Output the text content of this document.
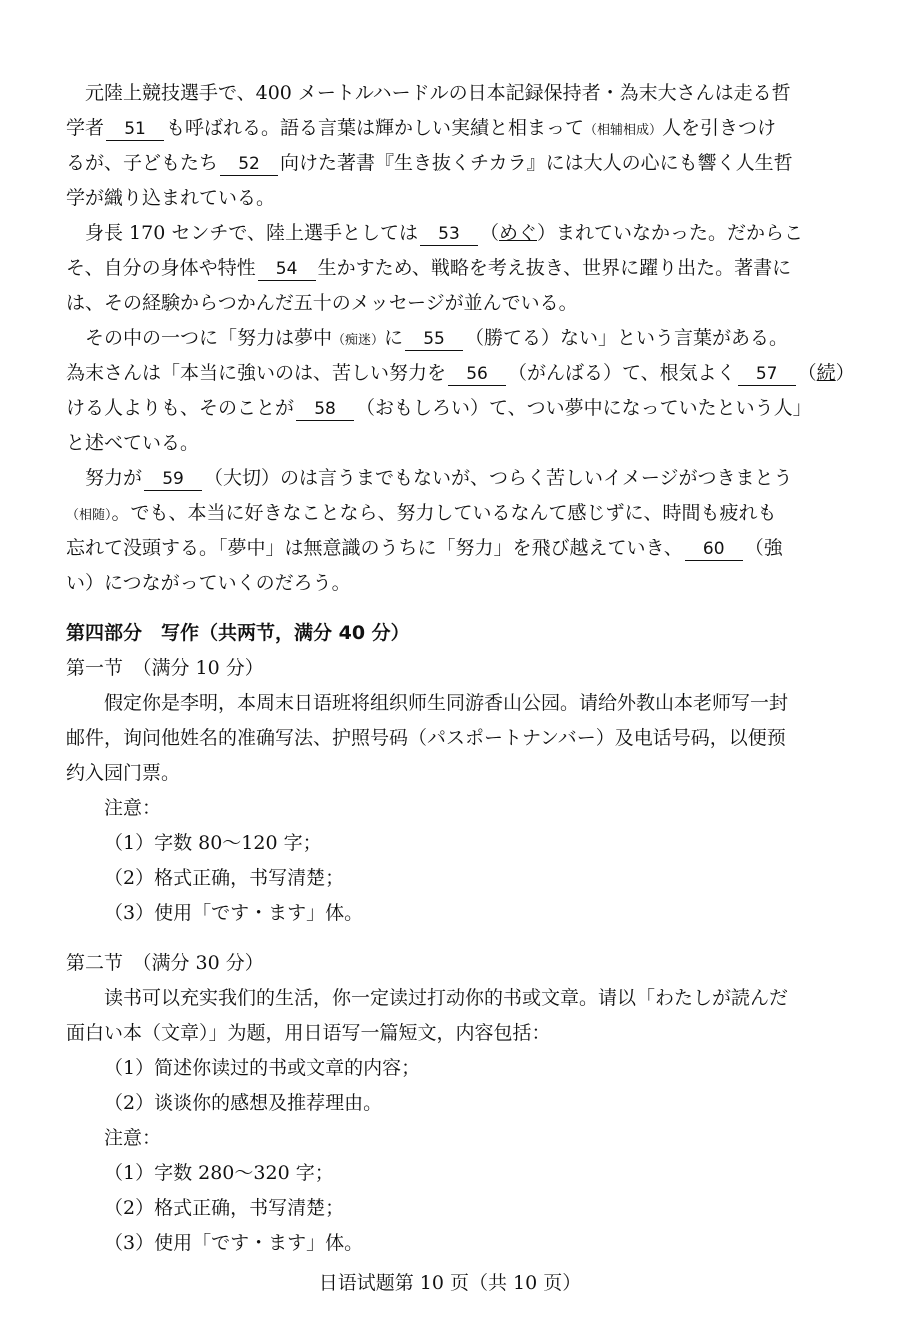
元陸上競技選手で、400 メートルハードルの日本記録保持者・為末大さんは走る哲
学者 51 も呼ばれる。語る言葉は輝かしい実績と相まって（相辅相成）人を引きつけ
るが、子どもたち 52 向けた著書『生き抜くチカラ』には大人の心にも響く人生哲
学が織り込まれている。
身長 170 センチで、陸上選手としては 53 （めぐ）まれていなかった。だからこ
そ、自分の身体や特性 54 生かすため、戦略を考え抜き、世界に躍り出た。著書に
は、その経験からつかんだ五十のメッセージが並んでいる。
その中の一つに「努力は夢中（痴迷）に 55 （勝てる）ない」という言葉がある。
為末さんは「本当に強いのは、苦しい努力を 56 （がんばる）て、根気よく 57 （続）
ける人よりも、そのことが 58 （おもしろい）て、つい夢中になっていたという人」
と述べている。
努力が 59 （大切）のは言うまでもないが、つらく苦しいイメージがつきまとう
（相随）。でも、本当に好きなことなら、努力しているなんて感じずに、時間も疲れも
忘れて没頭する。「夢中」は無意識のうちに「努力」を飛び越えていき、 60 （強
い）につながっていくのだろう。
第四部分　写作（共两节，满分 40 分）
第一节　（满分 10 分）
假定你是李明，本周末日语班将组织师生同游香山公园。请给外教山本老师写一封
邮件，询问他姓名的准确写法、护照号码（パスポートナンバー）及电话号码，以便预
约入园门票。
注意：
（1）字数 80～120 字；
（2）格式正确，书写清楚；
（3）使用「です・ます」体。
第二节　（满分 30 分）
读书可以充实我们的生活，你一定读过打动你的书或文章。请以「わたしが読んだ
面白い本（文章）」为题，用日语写一篇短文，内容包括：
（1）简述你读过的书或文章的内容；
（2）谈谈你的感想及推荐理由。
注意：
（1）字数 280～320 字；
（2）格式正确，书写清楚；
（3）使用「です・ます」体。
日语试题第 10 页（共 10 页）
